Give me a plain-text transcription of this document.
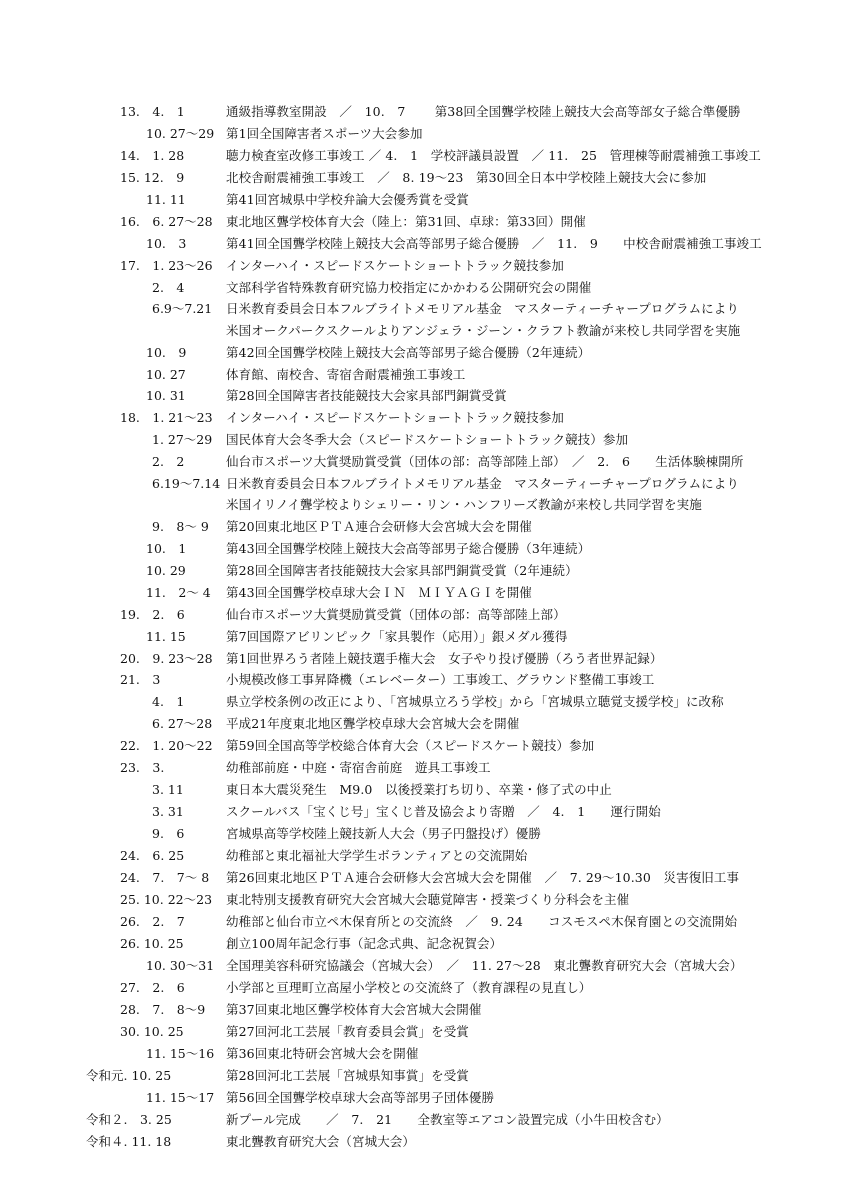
13.　4.　1	通級指導教室開設　／　10.　7　　 第38回全国聾学校陸上競技大会高等部女子総合準優勝
10. 27～29 第1回全国障害者スポーツ大会参加
14.　1. 28	聴力検査室改修工事竣工 ／ 4.　1　学校評議員設置　／ 11.　25　管理棟等耐震補強工事竣工
15. 12.　9	北校舎耐震補強工事竣工　／　8. 19～23　第30回全日本中学校陸上競技大会に参加
11. 11	第41回宮城県中学校弁論大会優秀賞を受賞
16.　6. 27～28 東北地区聾学校体育大会（陸上：第31回、卓球：第33回）開催
10.　3	第41回全国聾学校陸上競技大会高等部男子総合優勝　／　11.　9　　中校舎耐震補強工事竣工
17.　1. 23～26 インターハイ・スピードスケートショートトラック競技参加
2.　4	文部科学省特殊教育研究協力校指定にかかわる公開研究会の開催
6.9～7.21 日米教育委員会日本フルブライトメモリアル基金　マスターティーチャープログラムにより
米国オークパークスクールよりアンジェラ・ジーン・クラフト教諭が来校し共同学習を実施
10.　9	第42回全国聾学校陸上競技大会高等部男子総合優勝（2年連続）
10. 27	体育館、南校舎、寄宿舎耐震補強工事竣工
10. 31	第28回全国障害者技能競技大会家具部門銅賞受賞
18.　1. 21～23 インターハイ・スピードスケートショートトラック競技参加
1. 27～29 国民体育大会冬季大会（スピードスケートショートトラック競技）参加
2.　2	仙台市スポーツ大賞奨励賞受賞（団体の部：高等部陸上部）　／　2.　6　　生活体験棟開所
6.19～7.14 日米教育委員会日本フルブライトメモリアル基金　マスターティーチャープログラムにより
米国イリノイ聾学校よりシェリー・リン・ハンフリーズ教諭が来校し共同学習を実施
9.　8～ 9 第20回東北地区ＰＴＡ連合会研修大会宮城大会を開催
10.　1	第43回全国聾学校陸上競技大会高等部男子総合優勝（3年連続）
10. 29	第28回全国障害者技能競技大会家具部門銅賞受賞（2年連続）
11.　2～ 4 第43回全国聾学校卓球大会ＩＮ　ＭＩＹＡＧＩを開催
19.　2.　6	仙台市スポーツ大賞奨励賞受賞（団体の部：高等部陸上部）
11. 15	第7回国際アビリンピック「家具製作（応用）」銀メダル獲得
20.　9. 23～28 第1回世界ろう者陸上競技選手権大会　女子やり投げ優勝（ろう者世界記録）
21.　3	小規模改修工事昇降機（エレベーター）工事竣工、グラウンド整備工事竣工
4.　1	県立学校条例の改正により、「宮城県立ろう学校」から「宮城県立聴覚支援学校」に改称
6. 27～28 平成21年度東北地区聾学校卓球大会宮城大会を開催
22.　1. 20～22 第59回全国高等学校総合体育大会（スピードスケート競技）参加
23.　3.	幼稚部前庭・中庭・寄宿舎前庭　遊具工事竣工
3. 11	東日本大震災発生　M9.0　以後授業打ち切り、卒業・修了式の中止
3. 31	スクールバス「宝くじ号」宝くじ普及協会より寄贈　／　4.　1　　運行開始
9.　6	宮城県高等学校陸上競技新人大会（男子円盤投げ）優勝
24.　6. 25	幼稚部と東北福祉大学学生ボランティアとの交流開始
24.　7.　7～ 8 第26回東北地区ＰＴＡ連合会研修大会宮城大会を開催　／　7. 29～10.30　災害復旧工事
25. 10. 22～23 東北特別支援教育研究大会宮城大会聴覚障害・授業づくり分科会を主催
26.　2.　7	幼稚部と仙台市立ペ木保育所との交流終　／　9. 24　　コスモスペ木保育園との交流開始
26. 10. 25	創立100周年記念行事（記念式典、記念祝賀会）
10. 30～31 全国理美容科研究協議会（宮城大会）　／　11. 27～28　東北聾教育研究大会（宮城大会）
27.　2.　6	小学部と亘理町立高屋小学校との交流終了（教育課程の見直し）
28.　7.　8～9 第37回東北地区聾学校体育大会宮城大会開催
30. 10. 25	第27回河北工芸展「教育委員会賞」を受賞
11. 15～16 第36回東北特研会宮城大会を開催
令和元. 10. 25	第28回河北工芸展「宮城県知事賞」を受賞
11. 15～17 第56回全国聾学校卓球大会高等部男子団体優勝
令和２.　3. 25	新プール完成　　／　7.　21　　全教室等エアコン設置完成（小牛田校含む）
令和４. 11. 18	東北聾教育研究大会（宮城大会）
